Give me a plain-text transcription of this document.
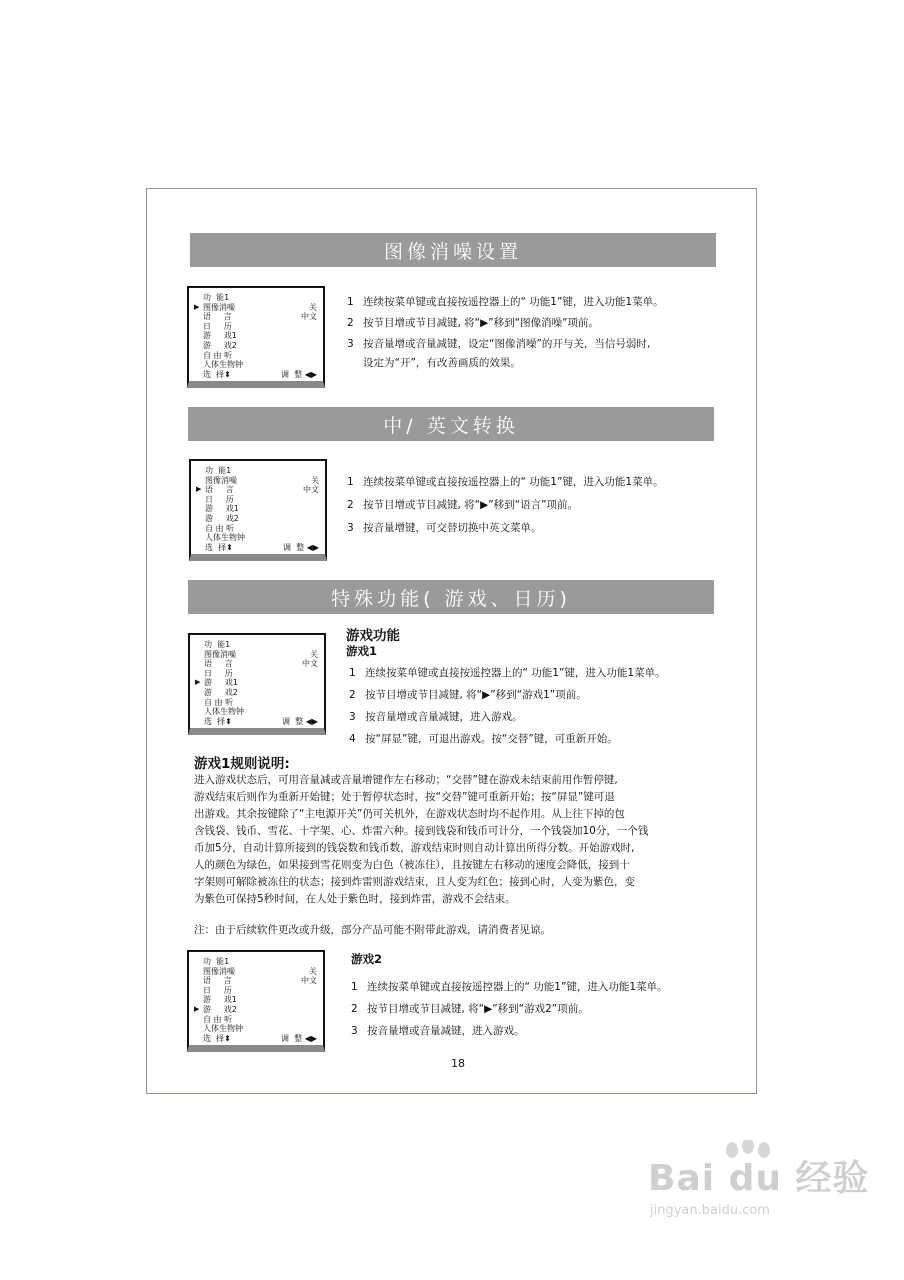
图像消噪设置
功  能1
▶ 图像消噪	关
语     言	中文
日     历
游     戏1
游     戏2
自 由 听
人体生物钟
选  择⬍	调  整 ◀▶
1 连续按菜单键或直接按遥控器上的“ 功能1”键，进入功能1菜单。
2 按节目增或节目减键, 将“▶”移到“图像消噪”项前。
3 按音量增或音量减键，设定“图像消噪”的开与关，当信号弱时,
设定为“开”，有改善画质的效果。
中/ 英文转换
功  能1
图像消噪	关
▶ 语     言	中文
日     历
游     戏1
游     戏2
自 由 听
人体生物钟
选  择⬍	调  整 ◀▶
1 连续按菜单键或直接按遥控器上的“ 功能1”键，进入功能1菜单。
2 按节目增或节目减键, 将“▶”移到“语言”项前。
3 按音量增键，可交替切换中英文菜单。
特殊功能( 游戏、日历)
游戏功能
游戏1
功  能1
图像消噪	关
语     言	中文
日     历
▶ 游     戏1
游     戏2
自 由 听
人体生物钟
选  择⬍	调  整 ◀▶
1 连续按菜单键或直接按遥控器上的“ 功能1”键，进入功能1菜单。
2 按节目增或节目减键, 将“▶”移到“游戏1”项前。
3 按音量增或音量减键，进入游戏。
4 按“屏显”键，可退出游戏。按“交替”键，可重新开始。
游戏1规则说明:
进入游戏状态后，可用音量减或音量增键作左右移动；“交替”键在游戏未结束前用作暂停键,
游戏结束后则作为重新开始键；处于暂停状态时，按“交替”键可重新开始；按“屏显”键可退
出游戏。其余按键除了“主电源开关”仍可关机外，在游戏状态时均不起作用。从上往下掉的包
含钱袋、钱币、雪花、十字架、心、炸雷六种。接到钱袋和钱币可计分，一个钱袋加10分，一个钱
币加5分，自动计算所接到的钱袋数和钱币数，游戏结束时则自动计算出所得分数。开始游戏时,
人的颜色为绿色，如果接到雪花则变为白色（被冻住），且按键左右移动的速度会降低，接到十
字架则可解除被冻住的状态；接到炸雷则游戏结束，且人变为红色；接到心时，人变为紫色，变
为紫色可保持5秒时间，在人处于紫色时，接到炸雷，游戏不会结束。
注：由于后续软件更改或升级，部分产品可能不附带此游戏，请消费者见谅。
游戏2
功  能1
图像消噪	关
语     言	中文
日     历
游     戏1
▶ 游     戏2
自 由 听
人体生物钟
选  择⬍	调  整 ◀▶
1 连续按菜单键或直接按遥控器上的“ 功能1”键，进入功能1菜单。
2 按节目增或节目减键, 将“▶”移到“游戏2”项前。
3 按音量增或音量减键，进入游戏。
18
Bai du 经验
jingyan.baidu.com
